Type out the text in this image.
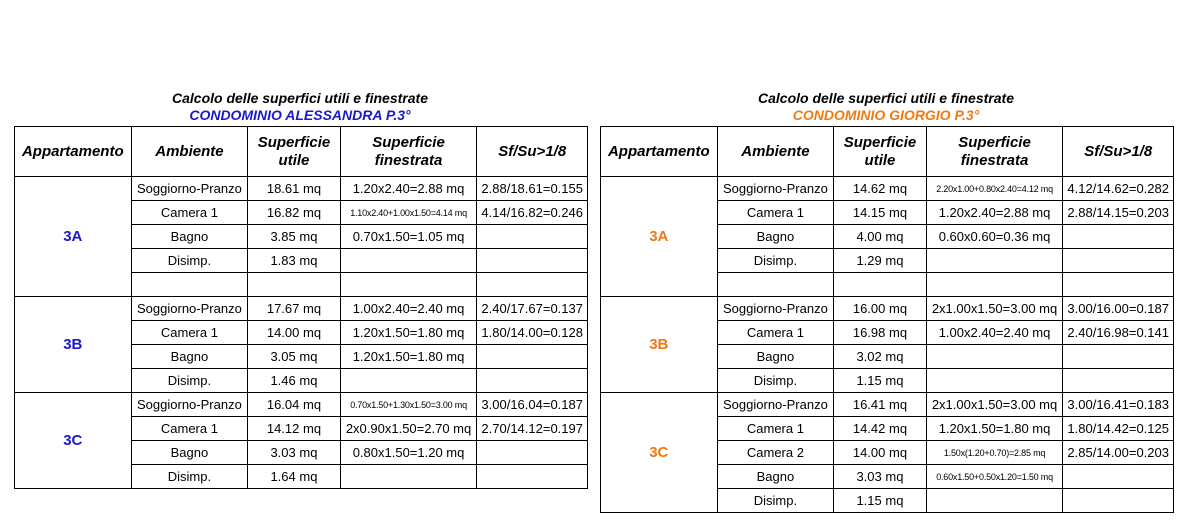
Calcolo delle superfici utili e finestrate
CONDOMINIO ALESSANDRA P.3°
Appartamento	Ambiente	Superficie utile	Superficie finestrata	Sf/Su>1/8
3A	Soggiorno-Pranzo	18.61 mq	1.20x2.40=2.88 mq	2.88/18.61=0.155
	Camera 1	16.82 mq	1.10x2.40+1.00x1.50=4.14 mq	4.14/16.82=0.246
	Bagno	3.85 mq	0.70x1.50=1.05 mq	
	Disimp.	1.83 mq		

3B	Soggiorno-Pranzo	17.67 mq	1.00x2.40=2.40 mq	2.40/17.67=0.137
	Camera 1	14.00 mq	1.20x1.50=1.80 mq	1.80/14.00=0.128
	Bagno	3.05 mq	1.20x1.50=1.80 mq	
	Disimp.	1.46 mq		
3C	Soggiorno-Pranzo	16.04 mq	0.70x1.50+1.30x1.50=3.00 mq	3.00/16.04=0.187
	Camera 1	14.12 mq	2x0.90x1.50=2.70 mq	2.70/14.12=0.197
	Bagno	3.03 mq	0.80x1.50=1.20 mq	
	Disimp.	1.64 mq		
Calcolo delle superfici utili e finestrate
CONDOMINIO GIORGIO P.3°
Appartamento	Ambiente	Superficie utile	Superficie finestrata	Sf/Su>1/8
3A	Soggiorno-Pranzo	14.62 mq	2.20x1.00+0.80x2.40=4.12 mq	4.12/14.62=0.282
	Camera 1	14.15 mq	1.20x2.40=2.88 mq	2.88/14.15=0.203
	Bagno	4.00 mq	0.60x0.60=0.36 mq	
	Disimp.	1.29 mq		

3B	Soggiorno-Pranzo	16.00 mq	2x1.00x1.50=3.00 mq	3.00/16.00=0.187
	Camera 1	16.98 mq	1.00x2.40=2.40 mq	2.40/16.98=0.141
	Bagno	3.02 mq		
	Disimp.	1.15 mq		
3C	Soggiorno-Pranzo	16.41 mq	2x1.00x1.50=3.00 mq	3.00/16.41=0.183
	Camera 1	14.42 mq	1.20x1.50=1.80 mq	1.80/14.42=0.125
	Camera 2	14.00 mq	1.50x(1.20+0.70)=2.85 mq	2.85/14.00=0.203
	Bagno	3.03 mq	0.60x1.50+0.50x1.20=1.50 mq	
	Disimp.	1.15 mq		
